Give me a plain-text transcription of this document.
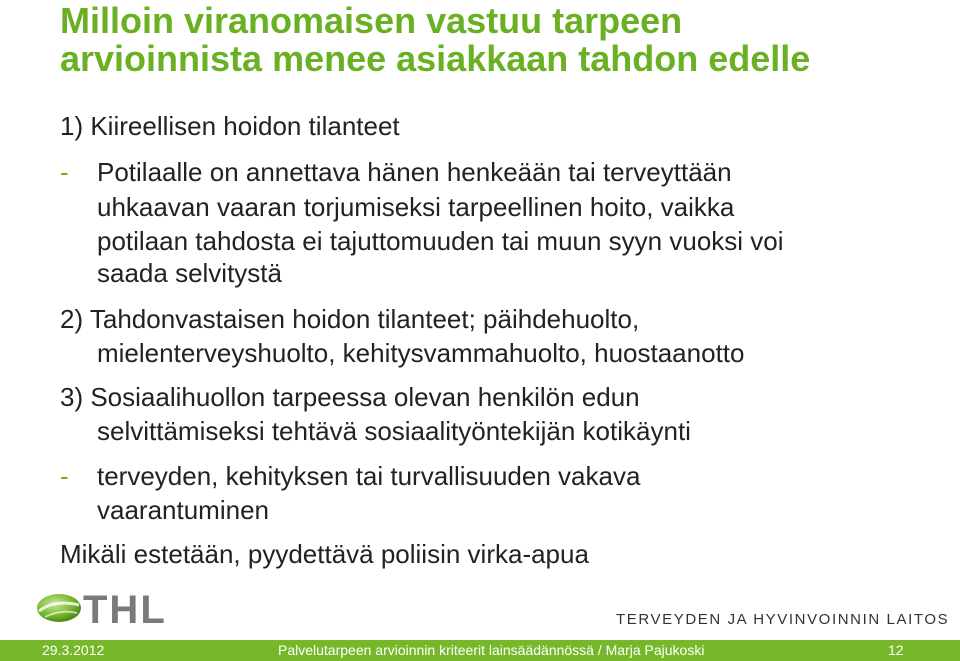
Milloin viranomaisen vastuu tarpeen
arvioinnista menee asiakkaan tahdon edelle
1) Kiireellisen hoidon tilanteet
- Potilaalle on annettava hänen henkeään tai terveyttään
uhkaavan vaaran torjumiseksi tarpeellinen hoito, vaikka
potilaan tahdosta ei tajuttomuuden tai muun syyn vuoksi voi
saada selvitystä
2) Tahdonvastaisen hoidon tilanteet; päihdehuolto,
mielenterveyshuolto, kehitysvammahuolto, huostaanotto
3) Sosiaalihuollon tarpeessa olevan henkilön edun
selvittämiseksi tehtävä sosiaalityöntekijän kotikäynti
- terveyden, kehityksen tai turvallisuuden vakava
vaarantuminen
Mikäli estetään, pyydettävä poliisin virka-apua
THL	TERVEYDEN JA HYVINVOINNIN LAITOS
29.3.2012	Palvelutarpeen arvioinnin kriteerit lainsäädännössä / Marja Pajukoski	12
